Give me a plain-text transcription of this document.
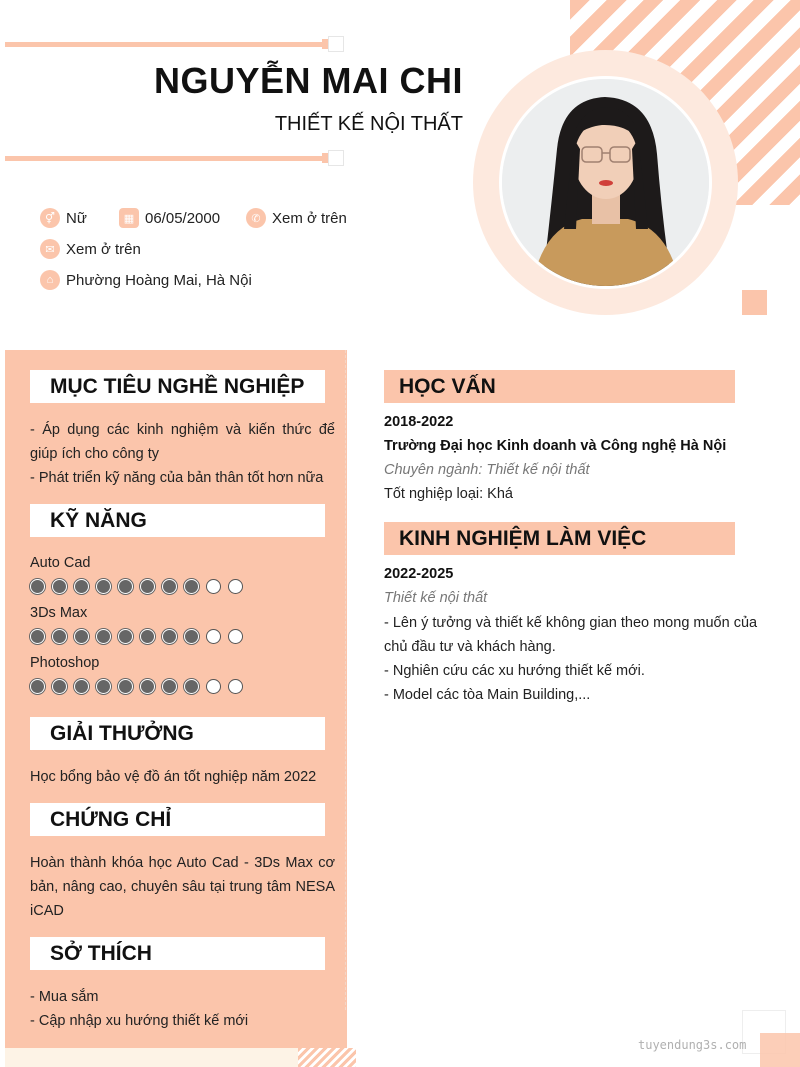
NGUYỄN MAI CHI
THIẾT KẾ NỘI THẤT
⚥ Nữ	▦ 06/05/2000	✆ Xem ở trên
✉ Xem ở trên
⌂ Phường Hoàng Mai, Hà Nội
MỤC TIÊU NGHỀ NGHIỆP
- Áp dụng các kinh nghiệm và kiến thức để giúp ích cho công ty
- Phát triển kỹ năng của bản thân tốt hơn nữa
KỸ NĂNG
Auto Cad
3Ds Max
Photoshop
GIẢI THƯỞNG
Học bổng bảo vệ đồ án tốt nghiệp năm 2022
CHỨNG CHỈ
Hoàn thành khóa học Auto Cad - 3Ds Max cơ bản, nâng cao, chuyên sâu tại trung tâm NESA iCAD
SỞ THÍCH
- Mua sắm
- Cập nhập xu hướng thiết kế mới
HỌC VẤN
2018-2022
Trường Đại học Kinh doanh và Công nghệ Hà Nội
Chuyên ngành: Thiết kế nội thất
Tốt nghiệp loại: Khá
KINH NGHIỆM LÀM VIỆC
2022-2025
Thiết kế nội thất
- Lên ý tưởng và thiết kế không gian theo mong muốn của chủ đầu tư và khách hàng.
- Nghiên cứu các xu hướng thiết kế mới.
- Model các tòa Main Building,...
tuyendung3s.com
